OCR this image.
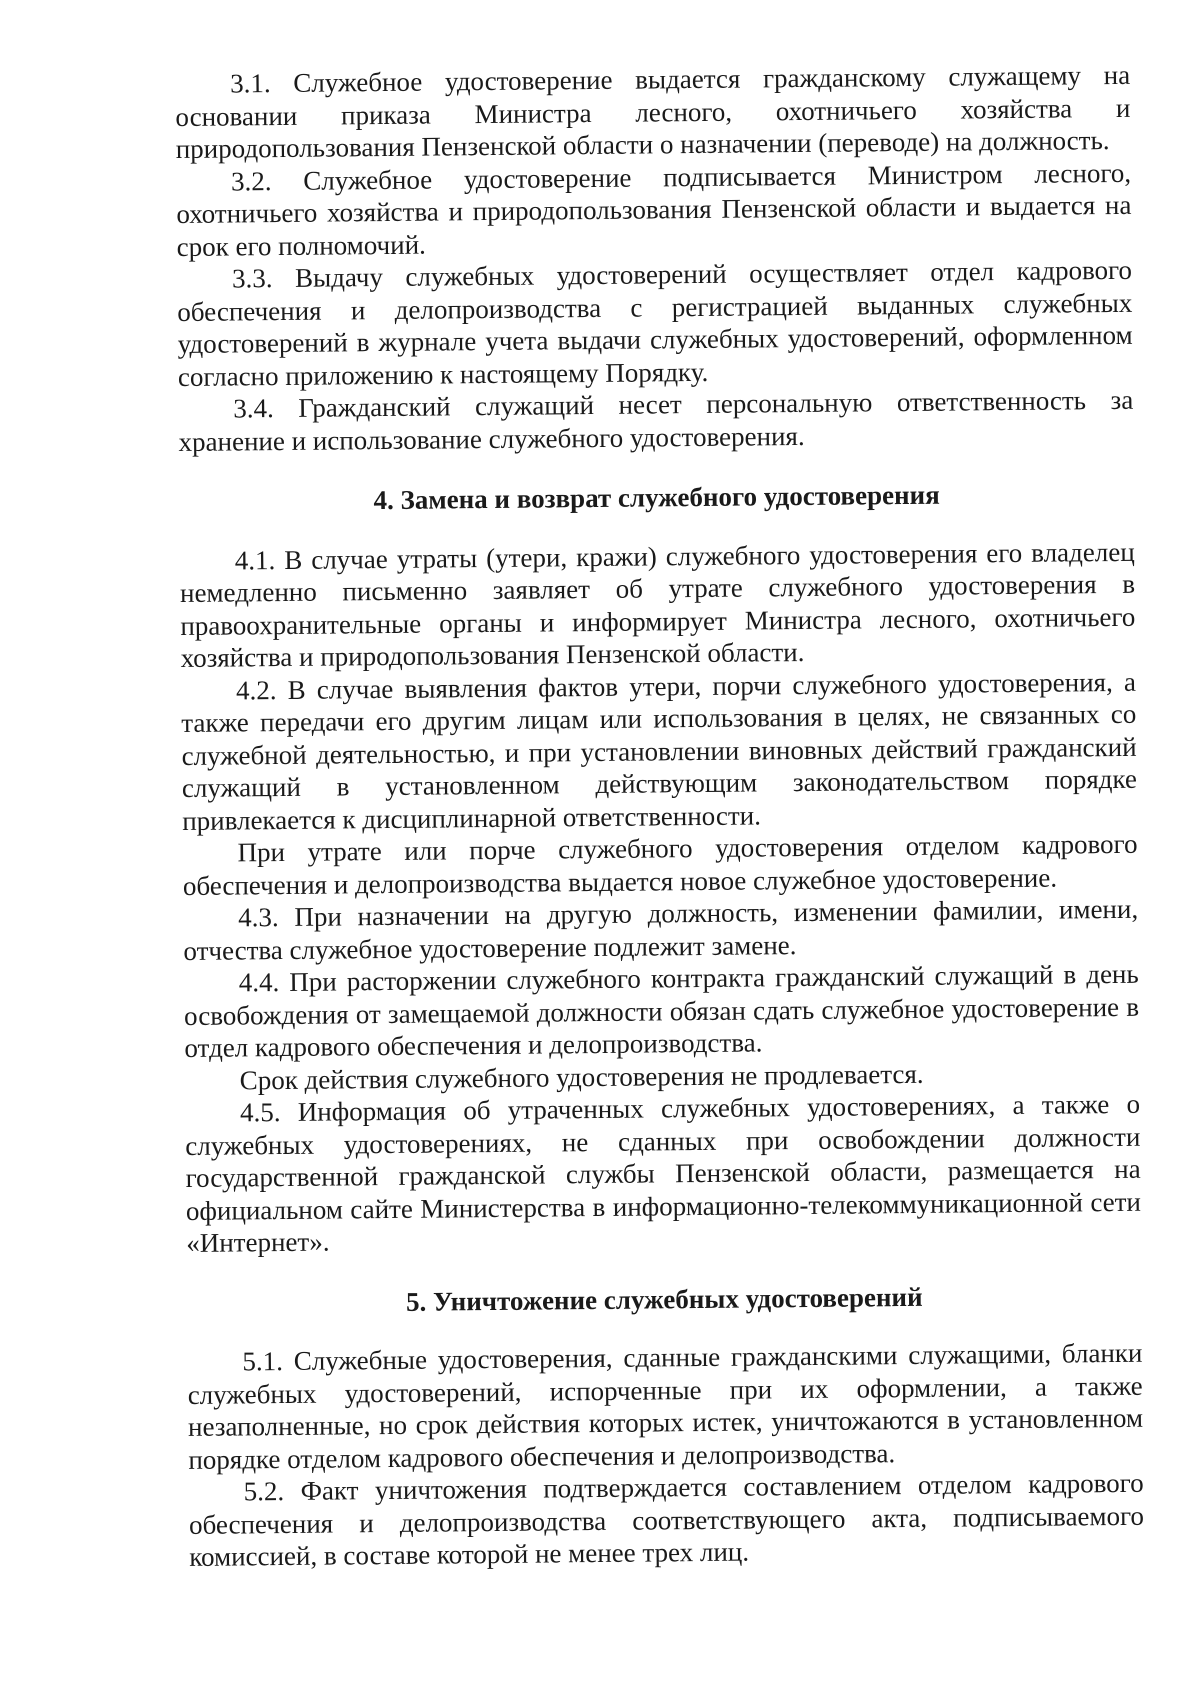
3.1. Служебное удостоверение выдается гражданскому служащему на основании приказа Министра лесного, охотничьего хозяйства и природопользования Пензенской области о назначении (переводе) на должность.

3.2. Служебное удостоверение подписывается Министром лесного, охотничьего хозяйства и природопользования Пензенской области и выдается на срок его полномочий.

3.3. Выдачу служебных удостоверений осуществляет отдел кадрового обеспечения и делопроизводства с регистрацией выданных служебных удостоверений в журнале учета выдачи служебных удостоверений, оформленном согласно приложению к настоящему Порядку.

3.4. Гражданский служащий несет персональную ответственность за хранение и использование служебного удостоверения.

4. Замена и возврат служебного удостоверения

4.1. В случае утраты (утери, кражи) служебного удостоверения его владелец немедленно письменно заявляет об утрате служебного удостоверения в правоохранительные органы и информирует Министра лесного, охотничьего хозяйства и природопользования Пензенской области.

4.2. В случае выявления фактов утери, порчи служебного удостоверения, а также передачи его другим лицам или использования в целях, не связанных со служебной деятельностью, и при установлении виновных действий гражданский служащий в установленном действующим законодательством порядке привлекается к дисциплинарной ответственности.

При утрате или порче служебного удостоверения отделом кадрового обеспечения и делопроизводства выдается новое служебное удостоверение.

4.3. При назначении на другую должность, изменении фамилии, имени, отчества служебное удостоверение подлежит замене.

4.4. При расторжении служебного контракта гражданский служащий в день освобождения от замещаемой должности обязан сдать служебное удостоверение в отдел кадрового обеспечения и делопроизводства.

Срок действия служебного удостоверения не продлевается.

4.5. Информация об утраченных служебных удостоверениях, а также о служебных удостоверениях, не сданных при освобождении должности государственной гражданской службы Пензенской области, размещается на официальном сайте Министерства в информационно-телекоммуникационной сети «Интернет».

5. Уничтожение служебных удостоверений

5.1. Служебные удостоверения, сданные гражданскими служащими, бланки служебных удостоверений, испорченные при их оформлении, а также незаполненные, но срок действия которых истек, уничтожаются в установленном порядке отделом кадрового обеспечения и делопроизводства.

5.2. Факт уничтожения подтверждается составлением отделом кадрового обеспечения и делопроизводства соответствующего акта, подписываемого комиссией, в составе которой не менее трех лиц.
